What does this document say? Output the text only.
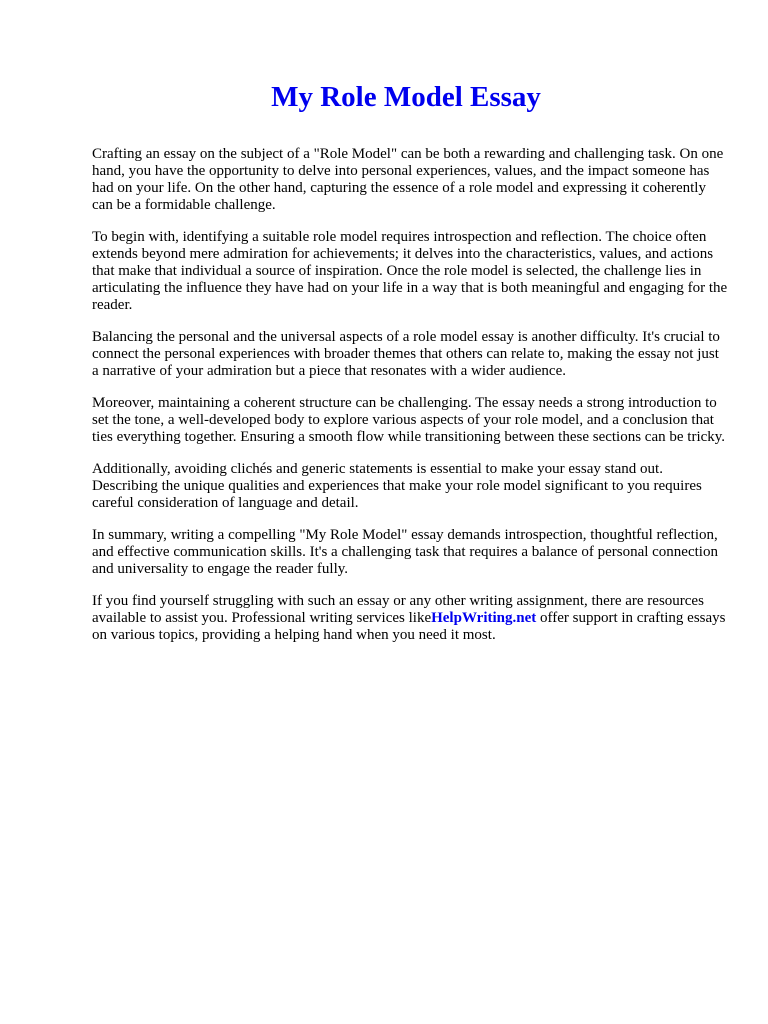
My Role Model Essay

Crafting an essay on the subject of a "Role Model" can be both a rewarding and challenging task. On one hand, you have the opportunity to delve into personal experiences, values, and the impact someone has had on your life. On the other hand, capturing the essence of a role model and expressing it coherently can be a formidable challenge.

To begin with, identifying a suitable role model requires introspection and reflection. The choice often extends beyond mere admiration for achievements; it delves into the characteristics, values, and actions that make that individual a source of inspiration. Once the role model is selected, the challenge lies in articulating the influence they have had on your life in a way that is both meaningful and engaging for the reader.

Balancing the personal and the universal aspects of a role model essay is another difficulty. It's crucial to connect the personal experiences with broader themes that others can relate to, making the essay not just a narrative of your admiration but a piece that resonates with a wider audience.

Moreover, maintaining a coherent structure can be challenging. The essay needs a strong introduction to set the tone, a well-developed body to explore various aspects of your role model, and a conclusion that ties everything together. Ensuring a smooth flow while transitioning between these sections can be tricky.

Additionally, avoiding clichés and generic statements is essential to make your essay stand out. Describing the unique qualities and experiences that make your role model significant to you requires careful consideration of language and detail.

In summary, writing a compelling "My Role Model" essay demands introspection, thoughtful reflection, and effective communication skills. It's a challenging task that requires a balance of personal connection and universality to engage the reader fully.

If you find yourself struggling with such an essay or any other writing assignment, there are resources available to assist you. Professional writing services likeHelpWriting.net offer support in crafting essays on various topics, providing a helping hand when you need it most.
